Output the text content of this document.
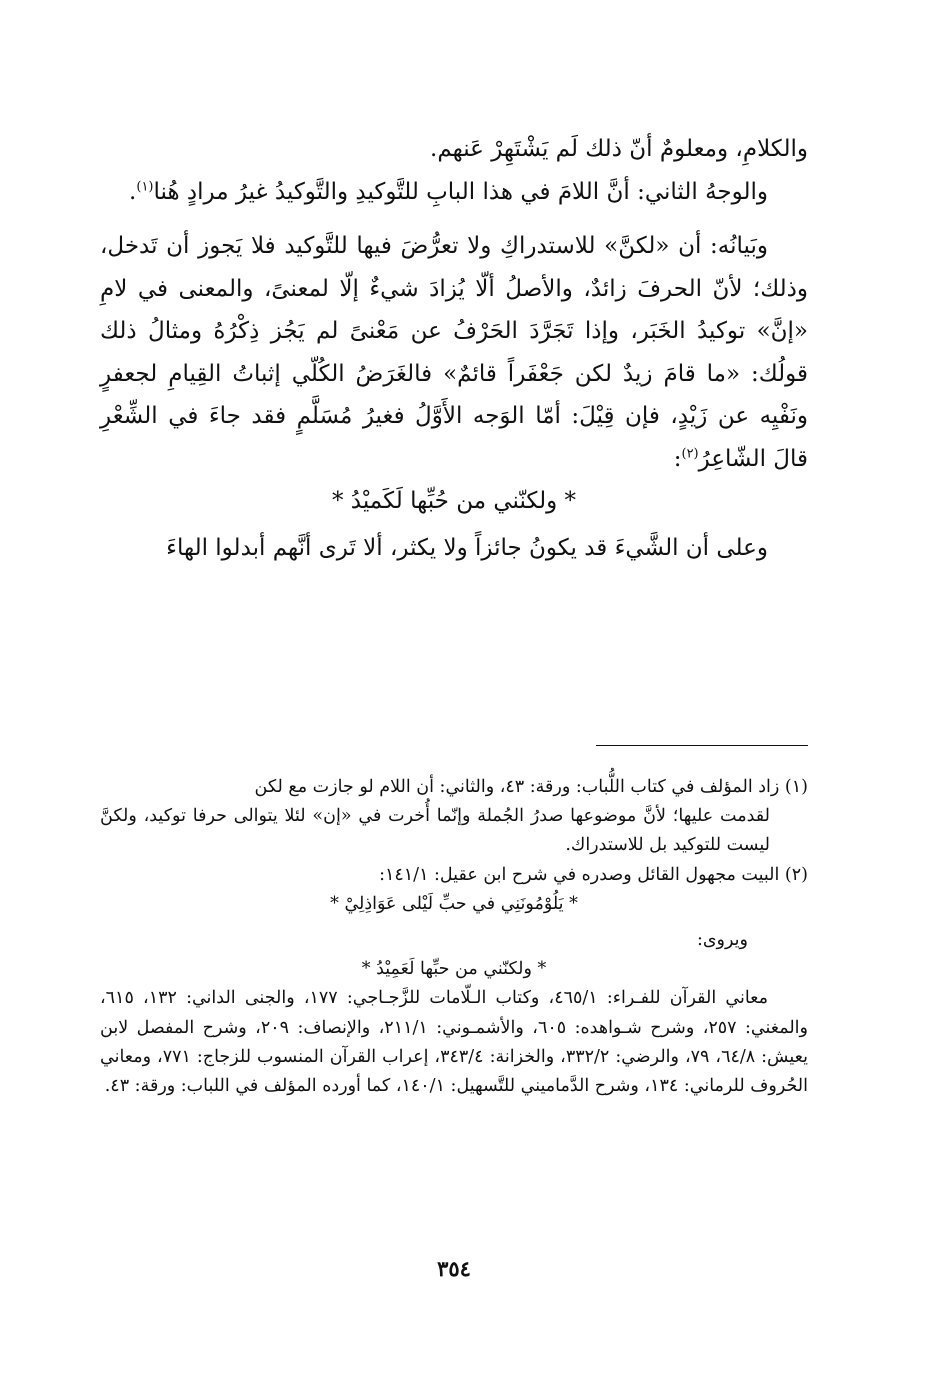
والكلامِ، ومعلومٌ أنّ ذلك لَم يَشْتَهِرْ عَنهم.

والوجهُ الثاني: أنَّ اللامَ في هذا البابِ للتَّوكيدِ والتَّوكيدُ غيرُ مرادٍ هُنا$^{(١)}$.

وبَيانُه: أن «لكنَّ» للاستدراكِ ولا تعرُّضَ فيها للتَّوكيد فلا يَجوز أن تَدخل، وذلك؛ لأنّ الحرفَ زائدٌ، والأصلُ ألّا يُزادَ شيءٌ إلّا لمعنىً، والمعنى في لامِ «إنَّ» توكيدُ الخَبَر، وإذا تَجَرَّدَ الحَرْفُ عن مَعْنىً لم يَجُز ذِكْرُهُ ومثالُ ذلك قولُك: «ما قامَ زيدٌ لكن جَعْفَراً قائمٌ» فالغَرَضُ الكُلّي إثباتُ القِيامِ لجعفرٍ ونَفْيِه عن زَيْدٍ، فإن قِيْلَ: أمّا الوَجه الأَوَّلُ فغيرُ مُسَلَّمٍ فقد جاءَ في الشِّعْرِ قالَ الشّاعِرُ$^{(٢)}$:

* ولكنّني من حُبِّها لَكَميْدُ *

وعلى أن الشَّيءَ قد يكونُ جائزاً ولا يكثر، ألا تَرى أنَّهم أبدلوا الهاءَ

(١) زاد المؤلف في كتاب اللُّباب: ورقة: ٤٣، والثاني: أن اللام لو جازت مع لكن

لقدمت عليها؛ لأنَّ موضوعها صدرُ الجُملة وإنّما أُخرت في «إن» لئلا يتوالى حرفا توكيد، ولكنَّ ليست للتوكيد بل للاستدراك.

(٢) البيت مجهول القائل وصدره في شرح ابن عقيل: ١٤١/١:

* يَلُوْمُونَنِي في حبِّ لَيْلى عَوَاذِلِيْ *

ويروى:

* ولكنّني من حبِّها لَعَمِيْدُ *

معاني القرآن للفـراء: ٤٦٥/١، وكتاب الـلّامات للزَّجـاجي: ١٧٧، والجنى الداني: ١٣٢، ٦١٥، والمغني: ٢٥٧، وشرح شـواهده: ٦٠٥، والأشمـوني: ٢١١/١، والإنصاف: ٢٠٩، وشرح المفصل لابن يعيش: ٦٤/٨، ٧٩، والرضي: ٣٣٢/٢، والخزانة: ٣٤٣/٤، إعراب القرآن المنسوب للزجاج: ٧٧١، ومعاني الحُروف للرماني: ١٣٤، وشرح الدَّماميني للتَّسهيل: ١٤٠/١، كما أورده المؤلف في اللباب: ورقة: ٤٣.

٣٥٤
